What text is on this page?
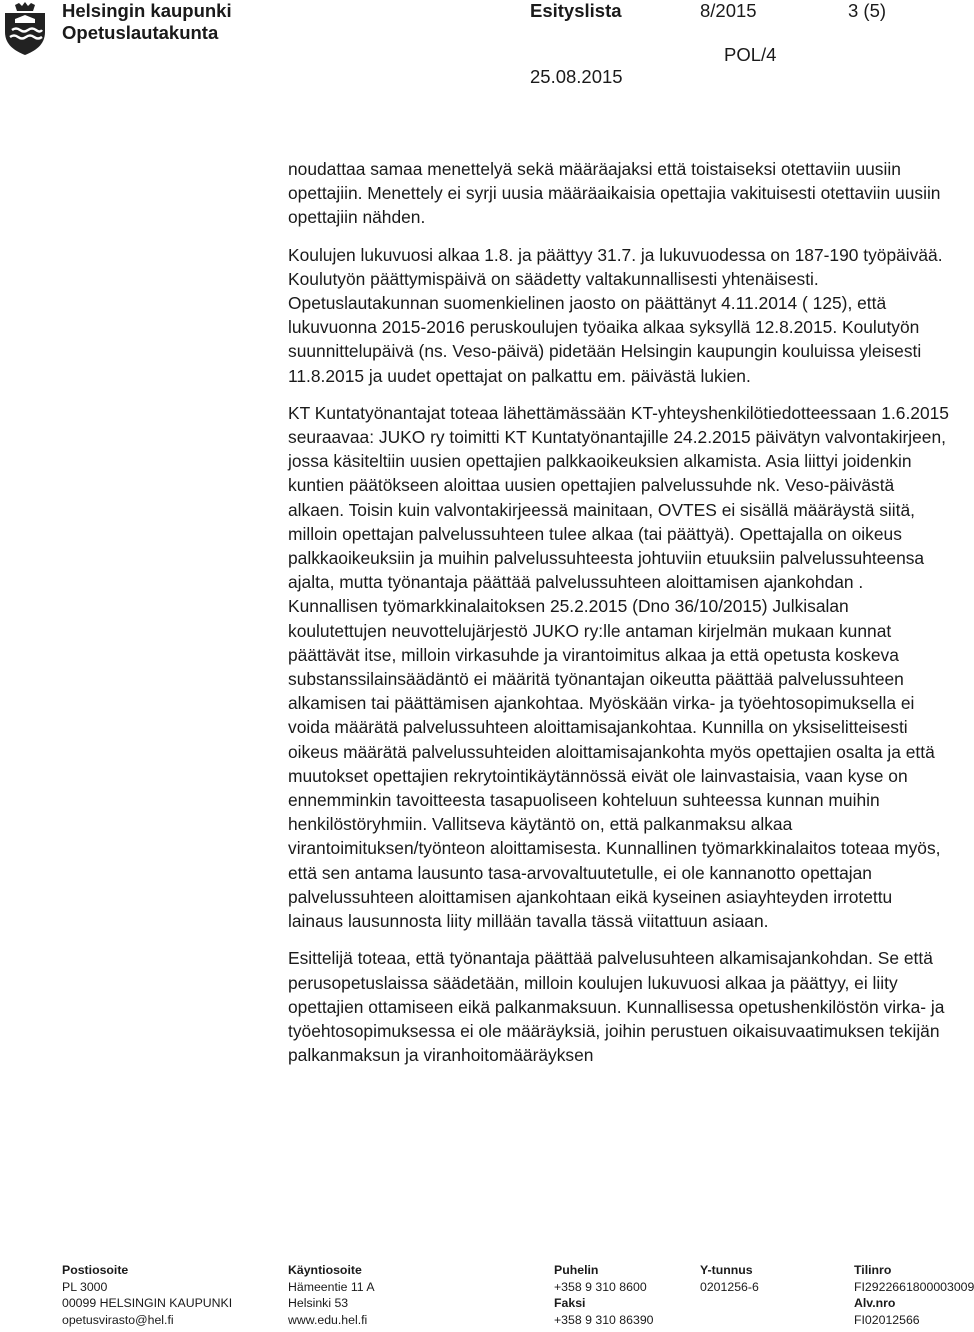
Helsingin kaupunki
Opetuslautakunta
Esityslista	8/2015	3 (5)
POL/4
25.08.2015

noudattaa samaa menettelyä sekä määräajaksi että toistaiseksi otettaviin uusiin opettajiin. Menettely ei syrji uusia määräaikaisia opettajia vakituisesti otettaviin uusiin opettajiin nähden.

Koulujen lukuvuosi alkaa 1.8. ja päättyy 31.7. ja lukuvuodessa on 187-190 työpäivää. Koulutyön päättymispäivä on säädetty valtakunnallisesti yhtenäisesti. Opetuslautakunnan suomenkielinen jaosto on päättänyt 4.11.2014 ( 125), että lukuvuonna 2015-2016 peruskoulujen työaika alkaa syksyllä 12.8.2015. Koulutyön suunnittelupäivä (ns. Veso-päivä) pidetään Helsingin kaupungin kouluissa yleisesti 11.8.2015 ja uudet opettajat on palkattu em. päivästä lukien.

KT Kuntatyönantajat toteaa lähettämässään KT-yhteyshenkilötiedotteessaan 1.6.2015 seuraavaa: JUKO ry toimitti KT Kuntatyönantajille 24.2.2015 päivätyn valvontakirjeen, jossa käsiteltiin uusien opettajien palkkaoikeuksien alkamista. Asia liittyi joidenkin kuntien päätökseen aloittaa uusien opettajien palvelussuhde nk. Veso-päivästä alkaen. Toisin kuin valvontakirjeessä mainitaan, OVTES ei sisällä määräystä siitä, milloin opettajan palvelussuhteen tulee alkaa (tai päättyä). Opettajalla on oikeus palkkaoikeuksiin ja muihin palvelussuhteesta johtuviin etuuksiin palvelussuhteensa ajalta, mutta työnantaja päättää palvelussuhteen aloittamisen ajankohdan . Kunnallisen työmarkkinalaitoksen 25.2.2015 (Dno 36/10/2015) Julkisalan koulutettujen neuvottelujärjestö JUKO ry:lle antaman kirjelmän mukaan kunnat päättävät itse, milloin virkasuhde ja virantoimitus alkaa ja että opetusta koskeva substanssilainsäädäntö ei määritä työnantajan oikeutta päättää palvelussuhteen alkamisen tai päättämisen ajankohtaa. Myöskään virka- ja työehtosopimuksella ei voida määrätä palvelussuhteen aloittamisajankohtaa. Kunnilla on yksiselitteisesti oikeus määrätä palvelussuhteiden aloittamisajankohta myös opettajien osalta ja että muutokset opettajien rekrytointikäytännössä eivät ole lainvastaisia, vaan kyse on ennemminkin tavoitteesta tasapuoliseen kohteluun suhteessa kunnan muihin henkilöstöryhmiin. Vallitseva käytäntö on, että palkanmaksu alkaa virantoimituksen/työnteon aloittamisesta. Kunnallinen työmarkkinalaitos toteaa myös, että sen antama lausunto tasa-arvovaltuutetulle, ei ole kannanotto opettajan palvelussuhteen aloittamisen ajankohtaan eikä kyseinen asiayhteyden irrotettu lainaus lausunnosta liity millään tavalla tässä viitattuun asiaan.

Esittelijä toteaa, että työnantaja päättää palvelusuhteen alkamisajankohdan. Se että perusopetuslaissa säädetään, milloin koulujen lukuvuosi alkaa ja päättyy, ei liity opettajien ottamiseen eikä palkanmaksuun. Kunnallisessa opetushenkilöstön virka- ja työehtosopimuksessa ei ole määräyksiä, joihin perustuen oikaisuvaatimuksen tekijän palkanmaksun ja viranhoitomääräyksen

Postiosoite
PL 3000
00099 HELSINGIN KAUPUNKI
opetusvirasto@hel.fi
Käyntiosoite
Hämeentie 11 A
Helsinki 53
www.edu.hel.fi
Puhelin
+358 9 310 8600
Faksi
+358 9 310 86390
Y-tunnus
0201256-6
Tilinro
FI2922661800003009
Alv.nro
FI02012566
